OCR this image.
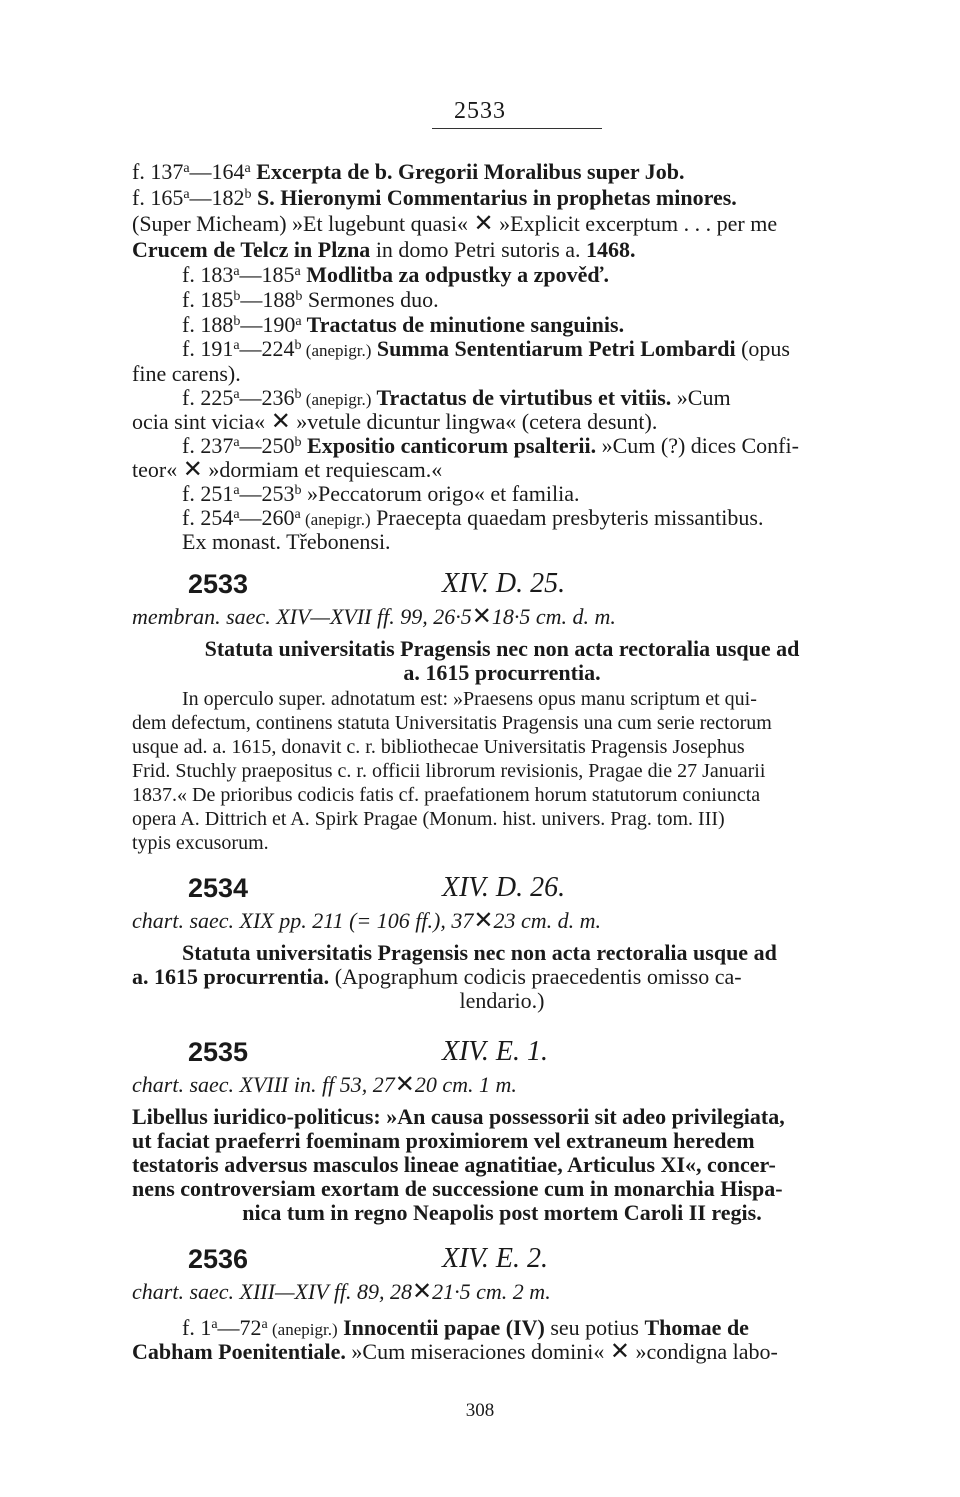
2533
f. 137$^a$—164$^a$ Excerpta de b. Gregorii Moralibus super Job.
f. 165$^a$—182$^b$ S. Hieronymi Commentarius in prophetas minores.
(Super Micheam) »Et lugebunt quasi« ✕ »Explicit excerptum . . . per me
Crucem de Telcz in Plzna in domo Petri sutoris a. 1468.
f. 183$^a$—185$^a$ Modlitba za odpustky a zpověď.
f. 185$^b$—188$^b$ Sermones duo.
f. 188$^b$—190$^a$ Tractatus de minutione sanguinis.
f. 191$^a$—224$^b$ (anepigr.) Summa Sententiarum Petri Lombardi (opus
fine carens).
f. 225$^a$—236$^b$ (anepigr.) Tractatus de virtutibus et vitiis. »Cum
ocia sint vicia« ✕ »vetule dicuntur lingwa« (cetera desunt).
f. 237$^a$—250$^b$ Expositio canticorum psalterii. »Cum (?) dices Confi-
teor« ✕ »dormiam et requiescam.«
f. 251$^a$—253$^b$ »Peccatorum origo« et familia.
f. 254$^a$—260$^a$ (anepigr.) Praecepta quaedam presbyteris missantibus.
Ex monast. Třebonensi.
2533	XIV. D. 25.
membran. saec. XIV—XVII ff. 99, 26·5✕18·5 cm. d. m.
Statuta universitatis Pragensis nec non acta rectoralia usque ad
a. 1615 procurrentia.
In operculo super. adnotatum est: »Praesens opus manu scriptum et qui-
dem defectum, continens statuta Universitatis Pragensis una cum serie rectorum
usque ad. a. 1615, donavit c. r. bibliothecae Universitatis Pragensis Josephus
Frid. Stuchly praepositus c. r. officii librorum revisionis, Pragae die 27 Januarii
1837.« De prioribus codicis fatis cf. praefationem horum statutorum coniuncta
opera A. Dittrich et A. Spirk Pragae (Monum. hist. univers. Prag. tom. III)
typis excusorum.
2534	XIV. D. 26.
chart. saec. XIX pp. 211 (= 106 ff.), 37✕23 cm. d. m.
Statuta universitatis Pragensis nec non acta rectoralia usque ad
a. 1615 procurrentia. (Apographum codicis praecedentis omisso ca-
lendario.)
2535	XIV. E. 1.
chart. saec. XVIII in. ff 53, 27✕20 cm. 1 m.
Libellus iuridico-politicus: »An causa possessorii sit adeo privilegiata,
ut faciat praeferri foeminam proximiorem vel extraneum heredem
testatoris adversus masculos lineae agnatitiae, Articulus XI«, concer-
nens controversiam exortam de successione cum in monarchia Hispa-
nica tum in regno Neapolis post mortem Caroli II regis.
2536	XIV. E. 2.
chart. saec. XIII—XIV ff. 89, 28✕21·5 cm. 2 m.
f. 1$^a$—72$^a$ (anepigr.) Innocentii papae (IV) seu potius Thomae de
Cabham Poenitentiale. »Cum miseraciones domini« ✕ »condigna labo-
308
